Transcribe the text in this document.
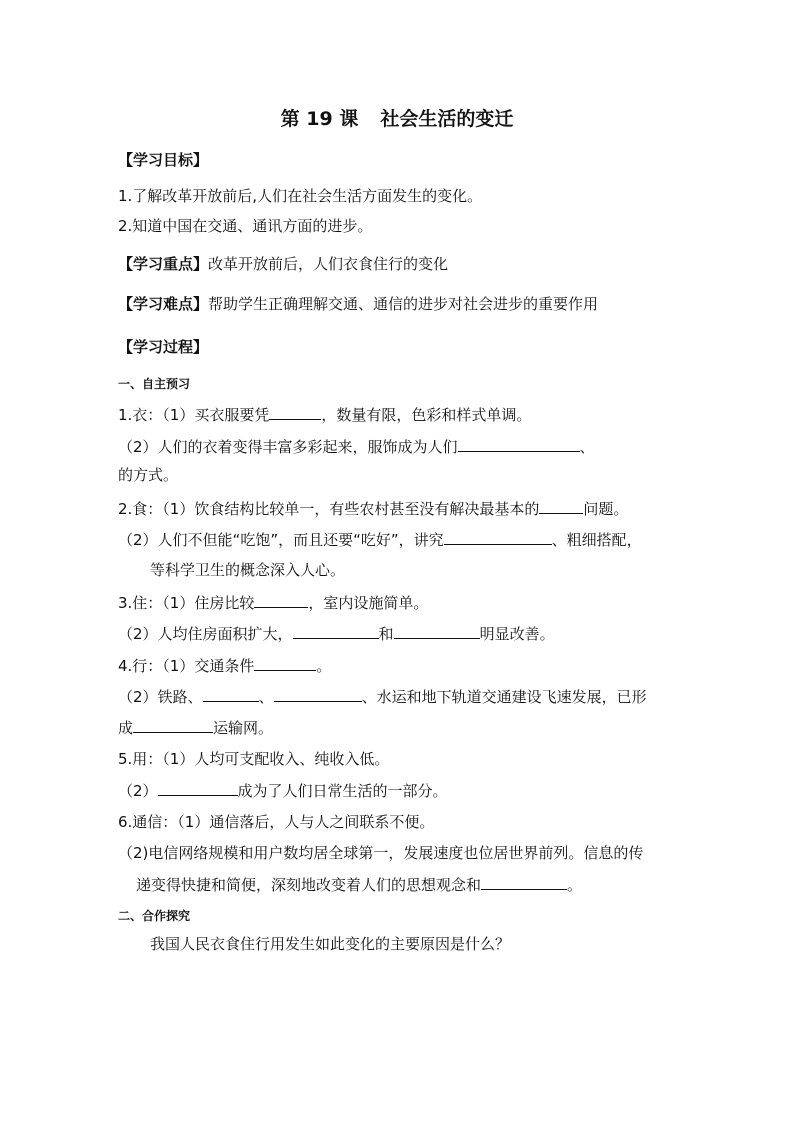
第 19 课 社会生活的变迁
【学习目标】
1.了解改革开放前后,人们在社会生活方面发生的变化。
2.知道中国在交通、通讯方面的进步。
【学习重点】改革开放前后，人们衣食住行的变化
【学习难点】帮助学生正确理解交通、通信的进步对社会进步的重要作用
【学习过程】
一、自主预习
1.衣：（1）买衣服要凭	，数量有限，色彩和样式单调。
（2）人们的衣着变得丰富多彩起来，服饰成为人们	、
的方式。
2.食：（1）饮食结构比较单一，有些农村甚至没有解决最基本的	问题。
（2）人们不但能“吃饱”，而且还要“吃好”，讲究	、粗细搭配，
等科学卫生的概念深入人心。
3.住：（1）住房比较	，室内设施简单。
（2）人均住房面积扩大，	和	明显改善。
4.行：（1）交通条件	。
（2）铁路、	、	、水运和地下轨道交通建设飞速发展，已形
成	运输网。
5.用：（1）人均可支配收入、纯收入低。
（2）	成为了人们日常生活的一部分。
6.通信：（1）通信落后，人与人之间联系不便。
（2)电信网络规模和用户数均居全球第一，发展速度也位居世界前列。信息的传
递变得快捷和简便，深刻地改变着人们的思想观念和	。
二、合作探究
我国人民衣食住行用发生如此变化的主要原因是什么？
